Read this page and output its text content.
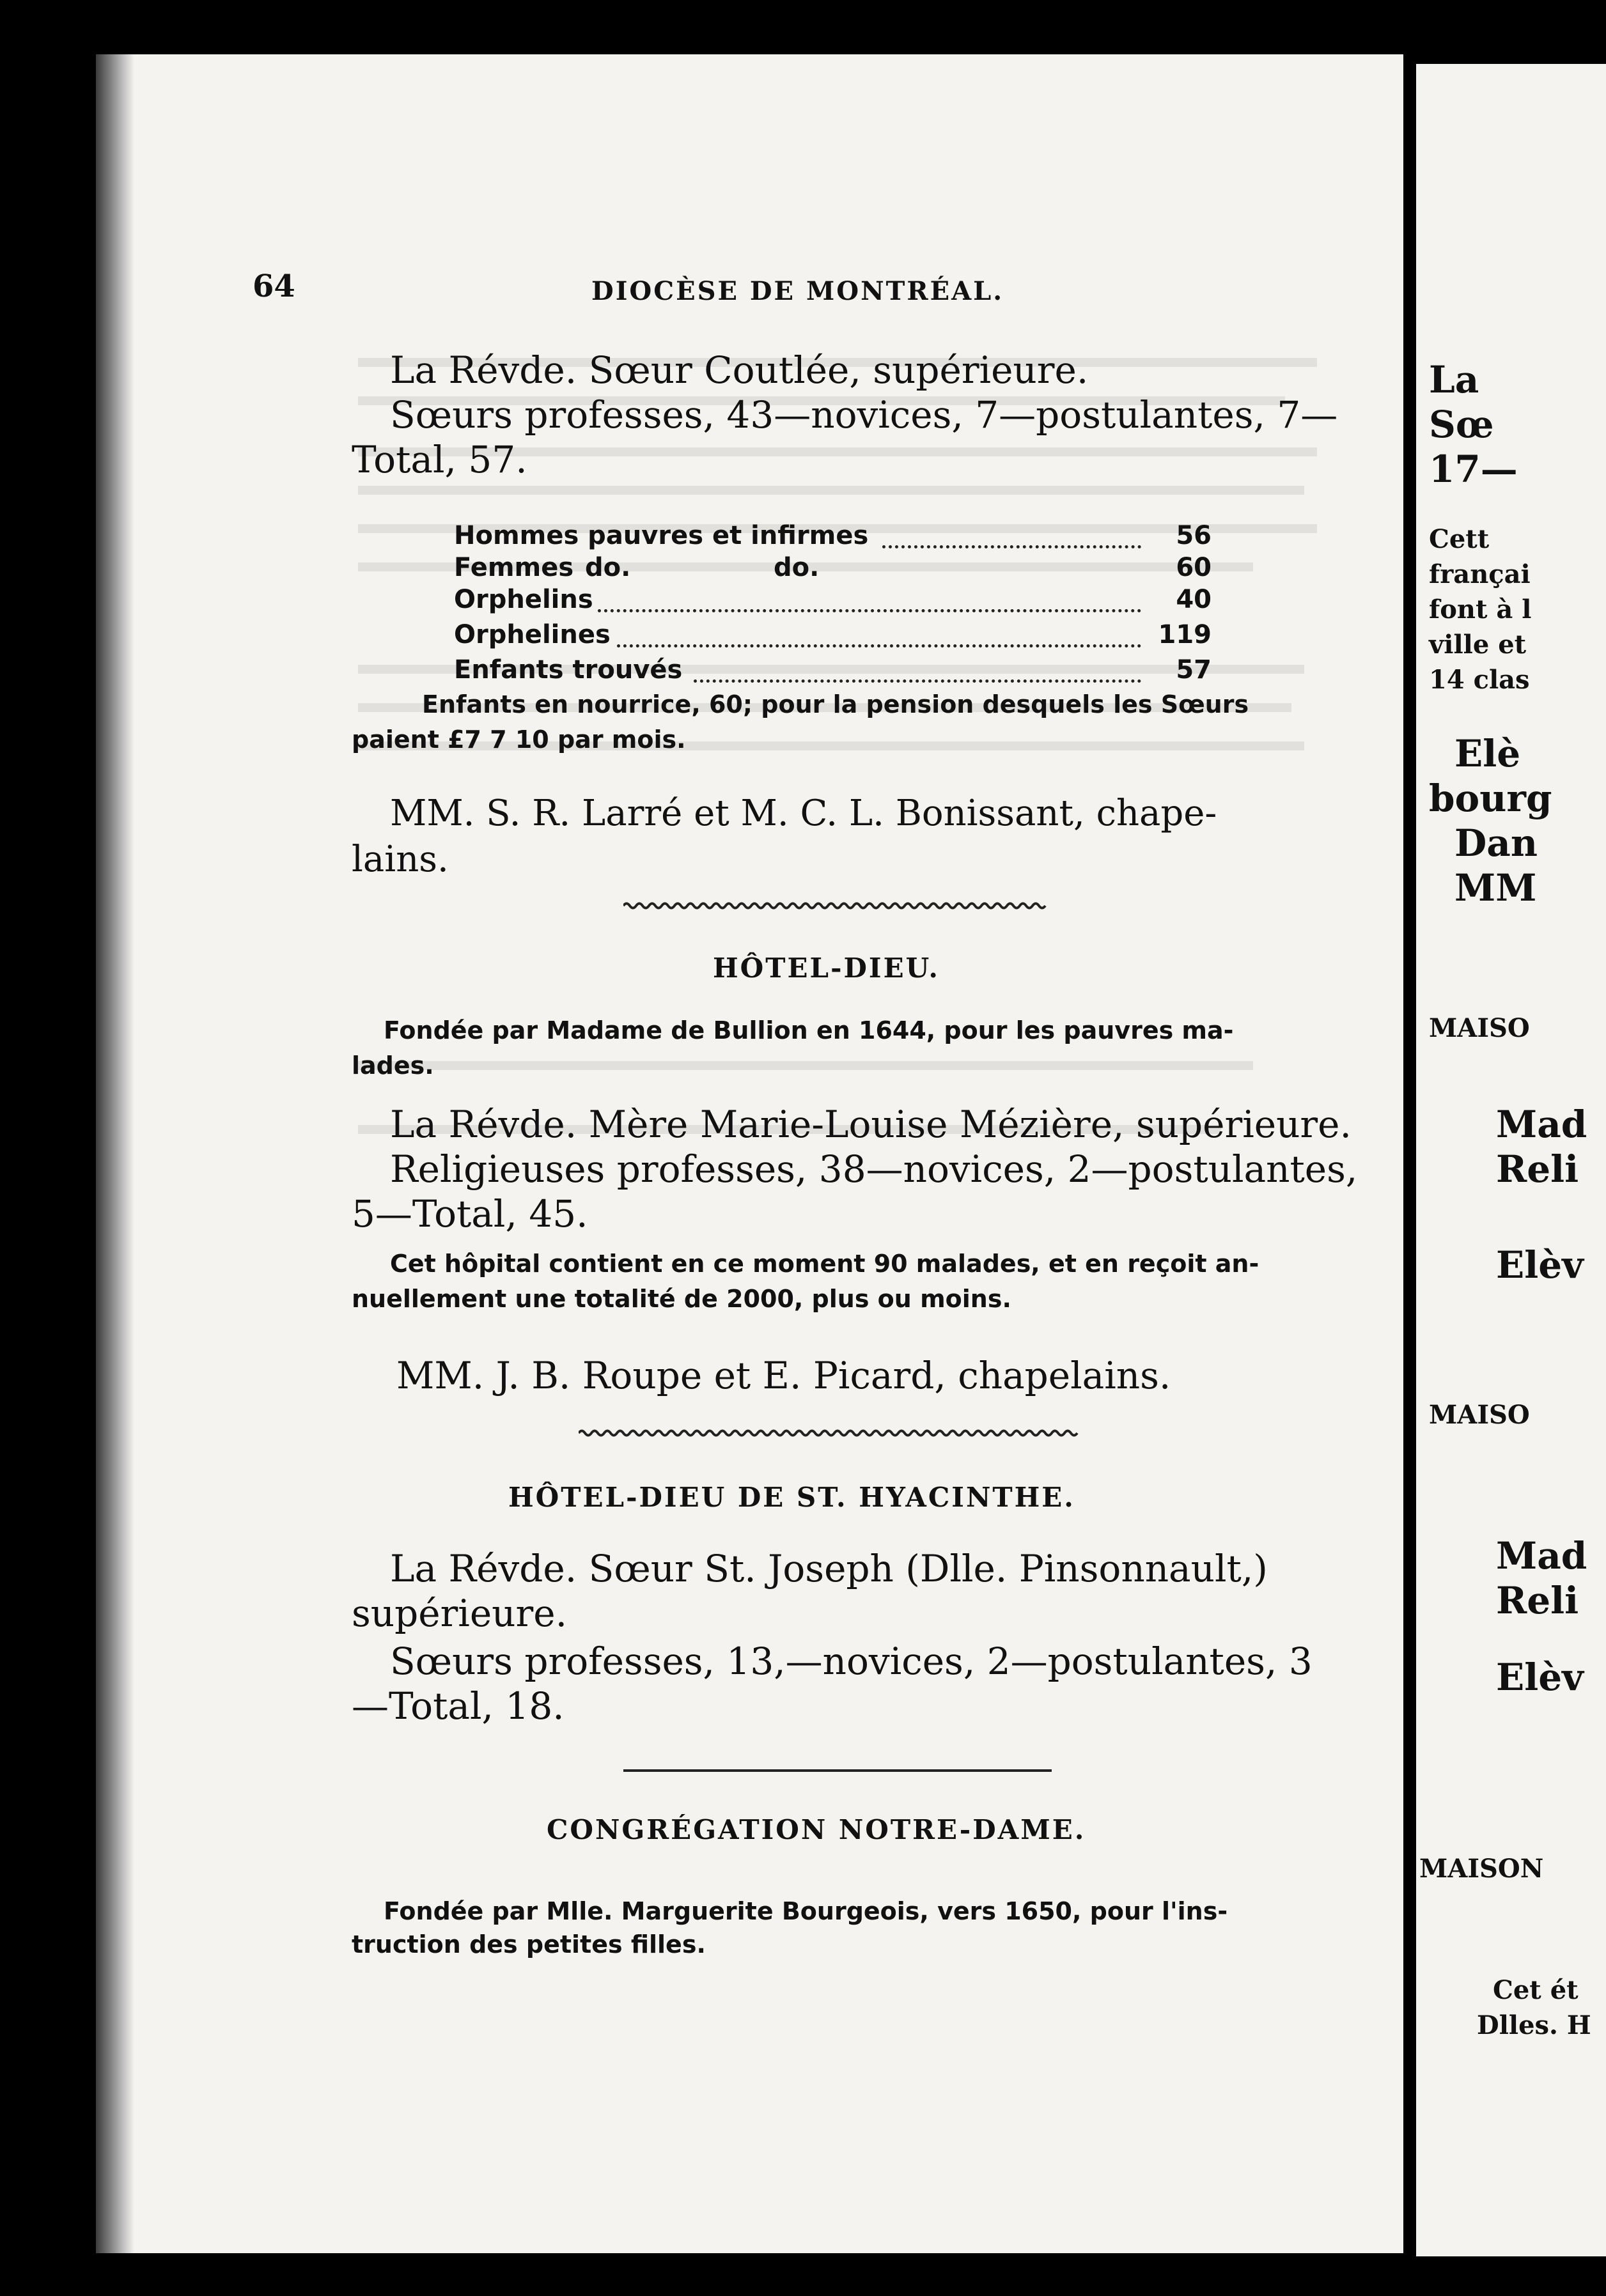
64	DIOCÈSE DE MONTRÉAL.
La Révde. Sœur Coutlée, supérieure.
Sœurs professes, 43—novices, 7—postulantes, 7—
Total, 57.
Hommes pauvres et infirmes	56
Femmes do.	do.	60
Orphelins	40
Orphelines	119
Enfants trouvés	57
Enfants en nourrice, 60; pour la pension desquels les Sœurs
paient £7 7 10 par mois.
MM. S. R. Larré et M. C. L. Bonissant, chape-
lains.
HÔTEL-DIEU.
Fondée par Madame de Bullion en 1644, pour les pauvres ma-
lades.
La Révde. Mère Marie-Louise Mézière, supérieure.
Religieuses professes, 38—novices, 2—postulantes,
5—Total, 45.
Cet hôpital contient en ce moment 90 malades, et en reçoit an-
nuellement une totalité de 2000, plus ou moins.
MM. J. B. Roupe et E. Picard, chapelains.
HÔTEL-DIEU DE ST. HYACINTHE.
La Révde. Sœur St. Joseph (Dlle. Pinsonnault,)
supérieure.
Sœurs professes, 13,—novices, 2—postulantes, 3
—Total, 18.
CONGRÉGATION NOTRE-DAME.
Fondée par Mlle. Marguerite Bourgeois, vers 1650, pour l'ins-
truction des petites filles.
La
Sœ
17—
Cett
françai
font à l
ville et
14 clas
Elè
bourg
Dan
MM
MAISO
Mad
Reli
Elèv
MAISO
Mad
Reli
Elèv
MAISON
Cet ét
Dlles. H
